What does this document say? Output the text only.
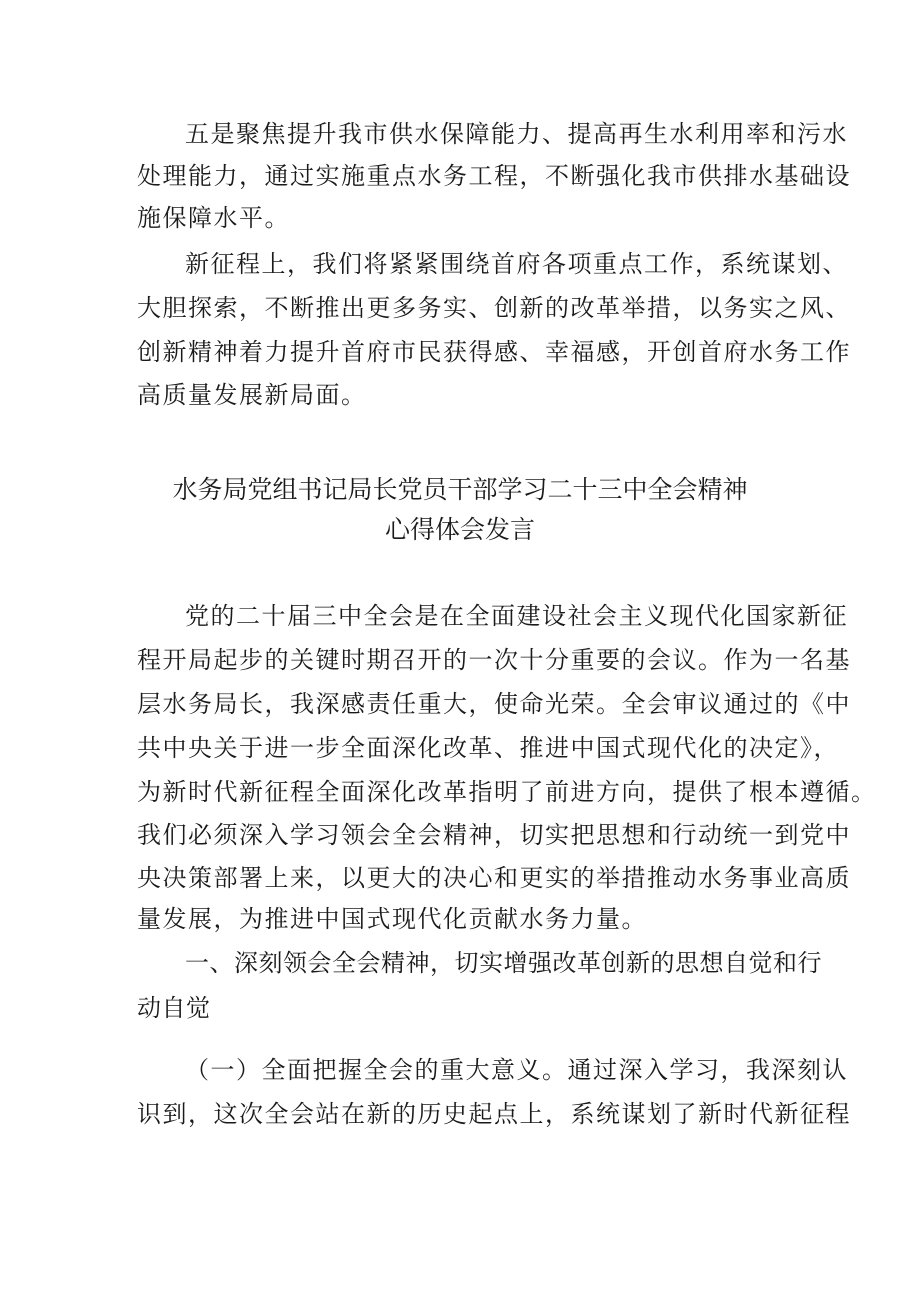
五是聚焦提升我市供水保障能力、提高再生水利用率和污水
处理能力，通过实施重点水务工程，不断强化我市供排水基础设
施保障水平。
新征程上，我们将紧紧围绕首府各项重点工作，系统谋划、
大胆探索，不断推出更多务实、创新的改革举措，以务实之风、
创新精神着力提升首府市民获得感、幸福感，开创首府水务工作
高质量发展新局面。
水务局党组书记局长党员干部学习二十三中全会精神
心得体会发言
党的二十届三中全会是在全面建设社会主义现代化国家新征
程开局起步的关键时期召开的一次十分重要的会议。作为一名基
层水务局长，我深感责任重大，使命光荣。全会审议通过的《中
共中央关于进一步全面深化改革、推进中国式现代化的决定》，
为新时代新征程全面深化改革指明了前进方向，提供了根本遵循。
我们必须深入学习领会全会精神，切实把思想和行动统一到党中
央决策部署上来，以更大的决心和更实的举措推动水务事业高质
量发展，为推进中国式现代化贡献水务力量。
一、深刻领会全会精神，切实增强改革创新的思想自觉和行
动自觉
（一）全面把握全会的重大意义。通过深入学习，我深刻认
识到，这次全会站在新的历史起点上，系统谋划了新时代新征程
